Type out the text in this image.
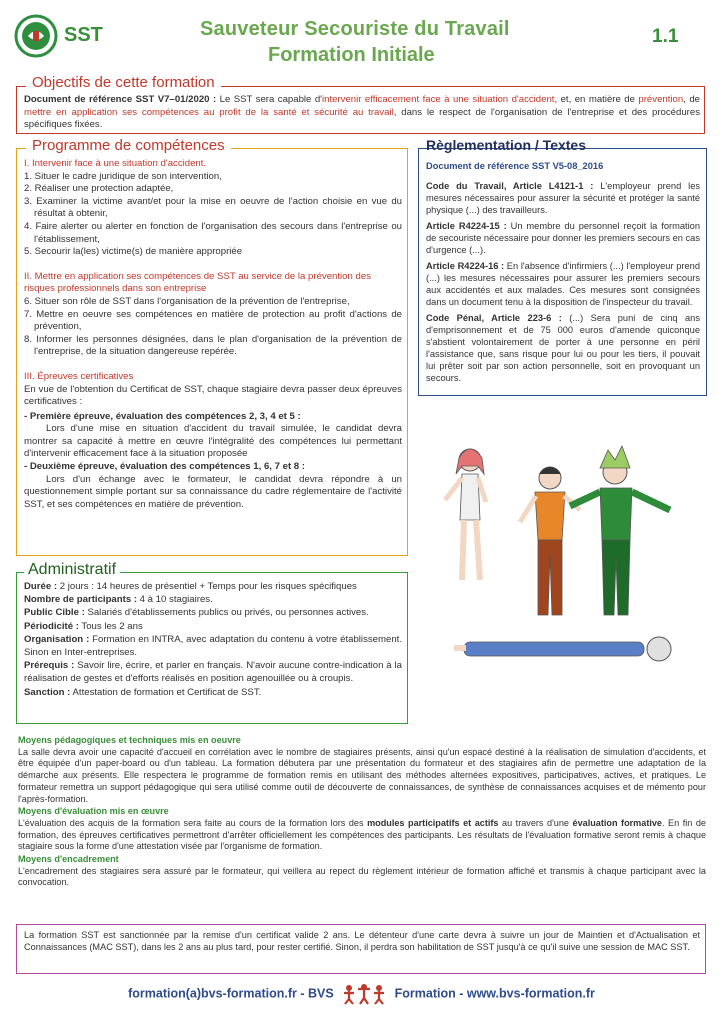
SST	Sauveteur Secouriste du Travail
Formation Initiale
1.1
Objectifs de cette formation
Document de référence SST V7–01/2020 : Le SST sera capable d'intervenir efficacement face à une situation d'accident, et, en matière de prévention, de mettre en application ses compétences au profit de la santé et sécurité au travail, dans le respect de l'organisation de l'entreprise et des procédures spécifiques fixées.
Programme de compétences
I. Intervenir face à une situation d'accident.
1. Situer le cadre juridique de son intervention,
2. Réaliser une protection adaptée,
3. Examiner la victime avant/et pour la mise en oeuvre de l'action choisie en vue du résultat à obtenir,
4. Faire alerter ou alerter en fonction de l'organisation des secours dans l'entreprise ou l'établissement,
5. Secourir la(les) victime(s) de manière appropriée
II. Mettre en application ses compétences de SST au service de la prévention des risques professionnels dans son entreprise
6. Situer son rôle de SST dans l'organisation de la prévention de l'entreprise,
7. Mettre en oeuvre ses compétences en matière de protection au profit d'actions de prévention,
8. Informer les personnes désignées, dans le plan d'organisation de la prévention de l'entreprise, de la situation dangereuse repérée.
III. Épreuves certificatives
En vue de l'obtention du Certificat de SST, chaque stagiaire devra passer deux épreuves certificatives :
- Première épreuve, évaluation des compétences 2, 3, 4 et 5 :
Lors d'une mise en situation d'accident du travail simulée, le candidat devra montrer sa capacité à mettre en œuvre l'intégralité des compétences lui permettant d'intervenir efficacement face à la situation proposée
- Deuxième épreuve, évaluation des compétences 1, 6, 7 et 8 :
Lors d'un échange avec le formateur, le candidat devra répondre à un questionnement simple portant sur sa connaissance du cadre réglementaire de l'activité SST, et ses compétences en matière de prévention.
Règlementation / Textes
Document de référence SST V5-08_2016
Code du Travail, Article L4121-1 : L'employeur prend les mesures nécessaires pour assurer la sécurité et protéger la santé physique (...) des travailleurs.
Article R4224-15 : Un membre du personnel reçoit la formation de secouriste nécessaire pour donner les premiers secours en cas d'urgence (...).
Article R4224-16 : En l'absence d'infirmiers (...) l'employeur prend (...) les mesures nécessaires pour assurer les premiers secours aux accidentés et aux malades. Ces mesures sont consignées dans un document tenu à la disposition de l'inspecteur du travail.
Code Pénal, Article 223-6 : (...) Sera puni de cinq ans d'emprisonnement et de 75 000 euros d'amende quiconque s'abstient volontairement de porter à une personne en péril l'assistance que, sans risque pour lui ou pour les tiers, il pouvait lui prêter soit par son action personnelle, soit en provoquant un secours.
Administratif
Durée : 2 jours : 14 heures de présentiel + Temps pour les risques spécifiques
Nombre de participants : 4 à 10 stagiaires.
Public Cible : Salariés d'établissements publics ou privés, ou personnes actives.
Périodicité : Tous les 2 ans
Organisation : Formation en INTRA, avec adaptation du contenu à votre établissement. Sinon en Inter-entreprises.
Prérequis : Savoir lire, écrire, et parler en français. N'avoir aucune contre-indication à la réalisation de gestes et d'efforts réalisés en position agenouillée ou à croupis.
Sanction : Attestation de formation et Certificat de SST.
Moyens pédagogiques et techniques mis en oeuvre
La salle devra avoir une capacité d'accueil en corrélation avec le nombre de stagiaires présents, ainsi qu'un espacé destiné à la réalisation de simulation d'accidents, et être équipée d'un paper-board ou d'un tableau. La formation débutera par une présentation du formateur et des stagiaires afin de permettre une adaptation de la démarche aux présents. Elle respectera le programme de formation remis en utilisant des méthodes alternées expositives, participatives, actives, et pratiques. Le formateur remettra un support pédagogique qui sera utilisé comme outil de découverte de connaissances, de synthèse de connaissances acquises et de mémento pour l'après-formation.
Moyens d'évaluation mis en œuvre
L'évaluation des acquis de la formation sera faite au cours de la formation lors des modules participatifs et actifs au travers d'une évaluation formative. En fin de formation, des épreuves certificatives permettront d'arrêter officiellement les compétences des participants. Les résultats de l'évaluation formative seront remis à chaque stagiaire sous la forme d'une attestation visée par l'organisme de formation.
Moyens d'encadrement
L'encadrement des stagiaires sera assuré par le formateur, qui veillera au repect du règlement intérieur de formation affiché et transmis à chaque participant avec la convocation.
La formation SST est sanctionnée par la remise d'un certificat valide 2 ans. Le détenteur d'une carte devra à suivre un jour de Maintien et d'Actualisation et Connaissances (MAC SST), dans les 2 ans au plus tard, pour rester certifié. Sinon, il perdra son habilitation de SST jusqu'à ce qu'il suive une session de MAC SST.
formation(a)bvs-formation.fr - BVS	Formation - www.bvs-formation.fr
